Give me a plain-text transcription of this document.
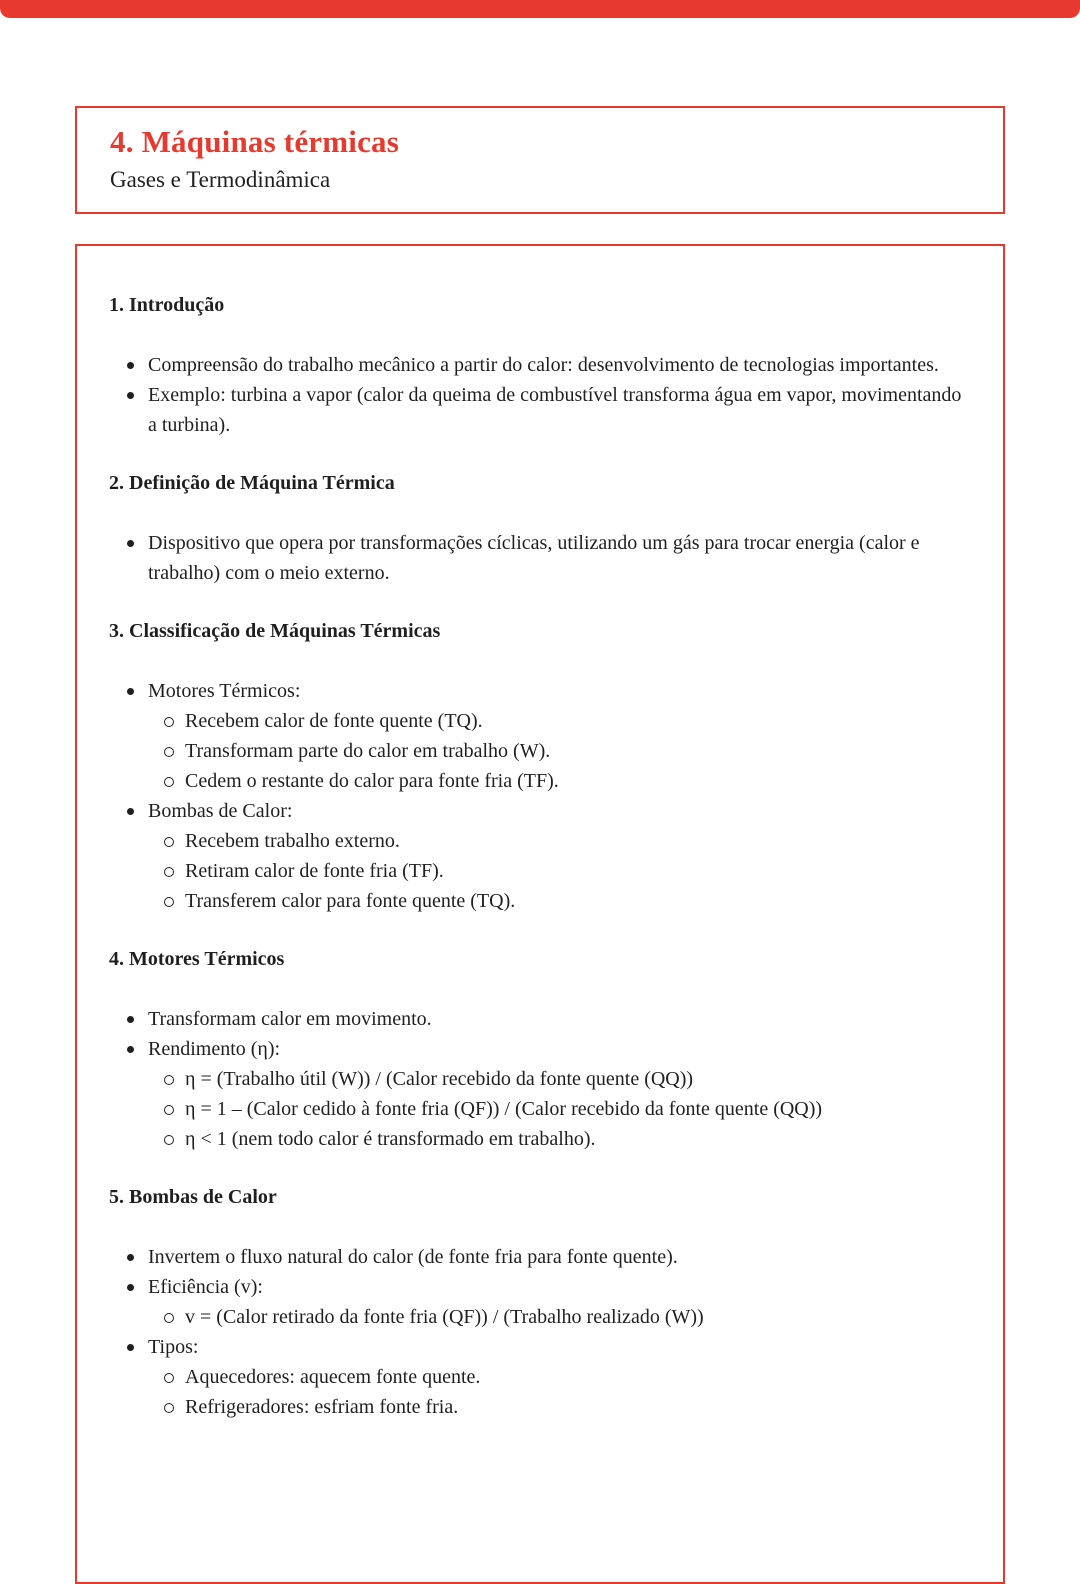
4. Máquinas térmicas
Gases e Termodinâmica
1. Introdução
Compreensão do trabalho mecânico a partir do calor: desenvolvimento de tecnologias importantes.
Exemplo: turbina a vapor (calor da queima de combustível transforma água em vapor, movimentando a turbina).
2. Definição de Máquina Térmica
Dispositivo que opera por transformações cíclicas, utilizando um gás para trocar energia (calor e trabalho) com o meio externo.
3. Classificação de Máquinas Térmicas
Motores Térmicos:
Recebem calor de fonte quente (TQ).
Transformam parte do calor em trabalho (W).
Cedem o restante do calor para fonte fria (TF).
Bombas de Calor:
Recebem trabalho externo.
Retiram calor de fonte fria (TF).
Transferem calor para fonte quente (TQ).
4. Motores Térmicos
Transformam calor em movimento.
Rendimento (η):
η = (Trabalho útil (W)) / (Calor recebido da fonte quente (QQ))
η = 1 – (Calor cedido à fonte fria (QF)) / (Calor recebido da fonte quente (QQ))
η < 1 (nem todo calor é transformado em trabalho).
5. Bombas de Calor
Invertem o fluxo natural do calor (de fonte fria para fonte quente).
Eficiência (v):
v = (Calor retirado da fonte fria (QF)) / (Trabalho realizado (W))
Tipos:
Aquecedores: aquecem fonte quente.
Refrigeradores: esfriam fonte fria.
